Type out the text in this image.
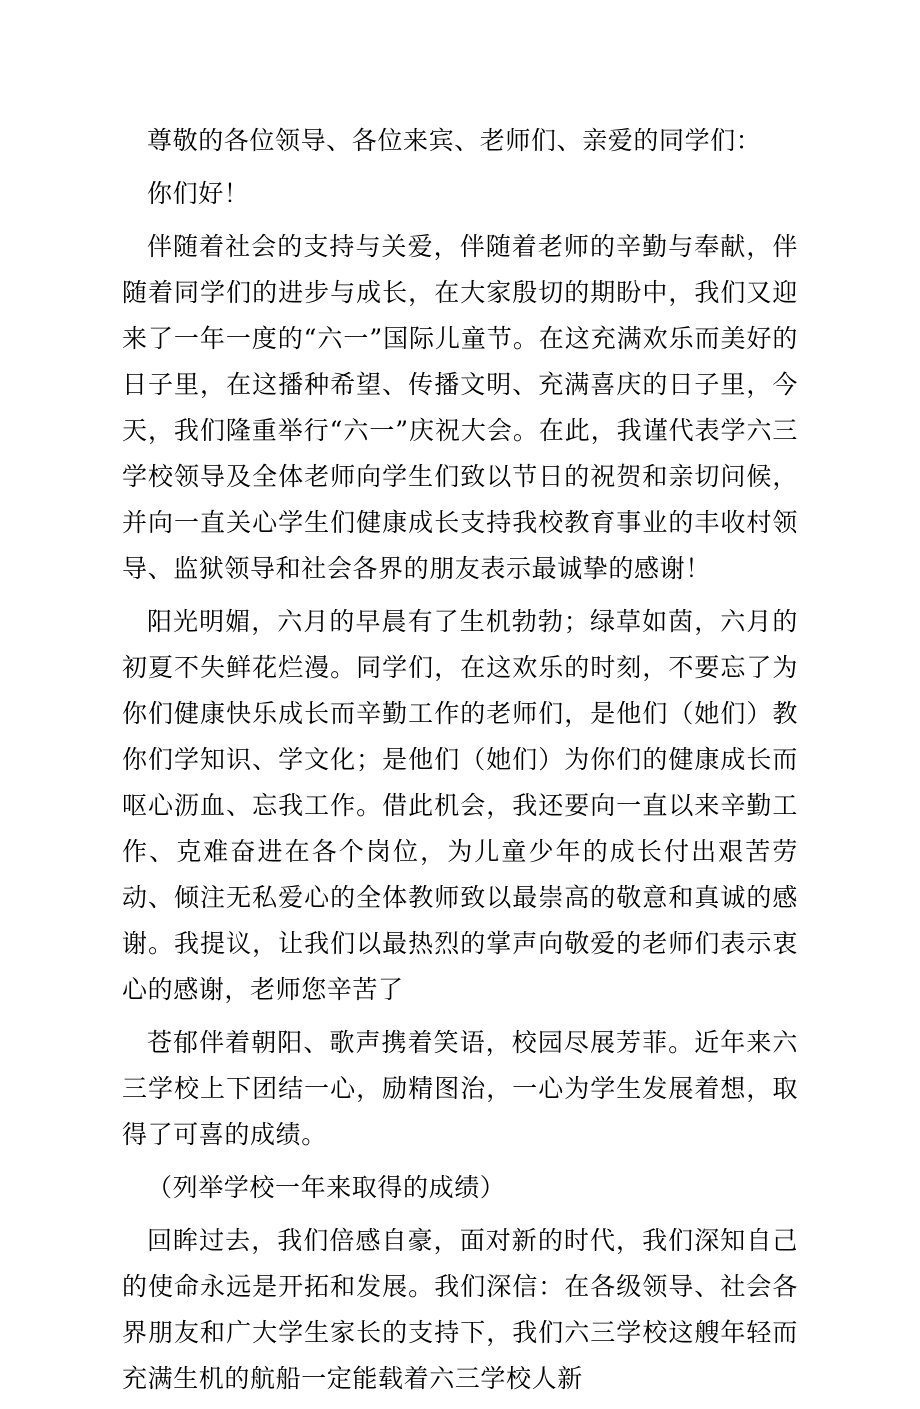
尊敬的各位领导、各位来宾、老师们、亲爱的同学们：

你们好！

伴随着社会的支持与关爱，伴随着老师的辛勤与奉献，伴随着同学们的进步与成长，在大家殷切的期盼中，我们又迎来了一年一度的“六一”国际儿童节。在这充满欢乐而美好的日子里，在这播种希望、传播文明、充满喜庆的日子里，今天，我们隆重举行“六一”庆祝大会。在此，我谨代表学六三学校领导及全体老师向学生们致以节日的祝贺和亲切问候，并向一直关心学生们健康成长支持我校教育事业的丰收村领导、监狱领导和社会各界的朋友表示最诚挚的感谢！

阳光明媚，六月的早晨有了生机勃勃；绿草如茵，六月的初夏不失鲜花烂漫。同学们，在这欢乐的时刻，不要忘了为你们健康快乐成长而辛勤工作的老师们，是他们（她们）教你们学知识、学文化；是他们（她们）为你们的健康成长而呕心沥血、忘我工作。借此机会，我还要向一直以来辛勤工作、克难奋进在各个岗位，为儿童少年的成长付出艰苦劳动、倾注无私爱心的全体教师致以最崇高的敬意和真诚的感谢。我提议，让我们以最热烈的掌声向敬爱的老师们表示衷心的感谢，老师您辛苦了

苍郁伴着朝阳、歌声携着笑语，校园尽展芳菲。近年来六三学校上下团结一心，励精图治，一心为学生发展着想，取得了可喜的成绩。

（列举学校一年来取得的成绩）

回眸过去，我们倍感自豪，面对新的时代，我们深知自己的使命永远是开拓和发展。我们深信：在各级领导、社会各界朋友和广大学生家长的支持下，我们六三学校这艘年轻而充满生机的航船一定能载着六三学校人新
